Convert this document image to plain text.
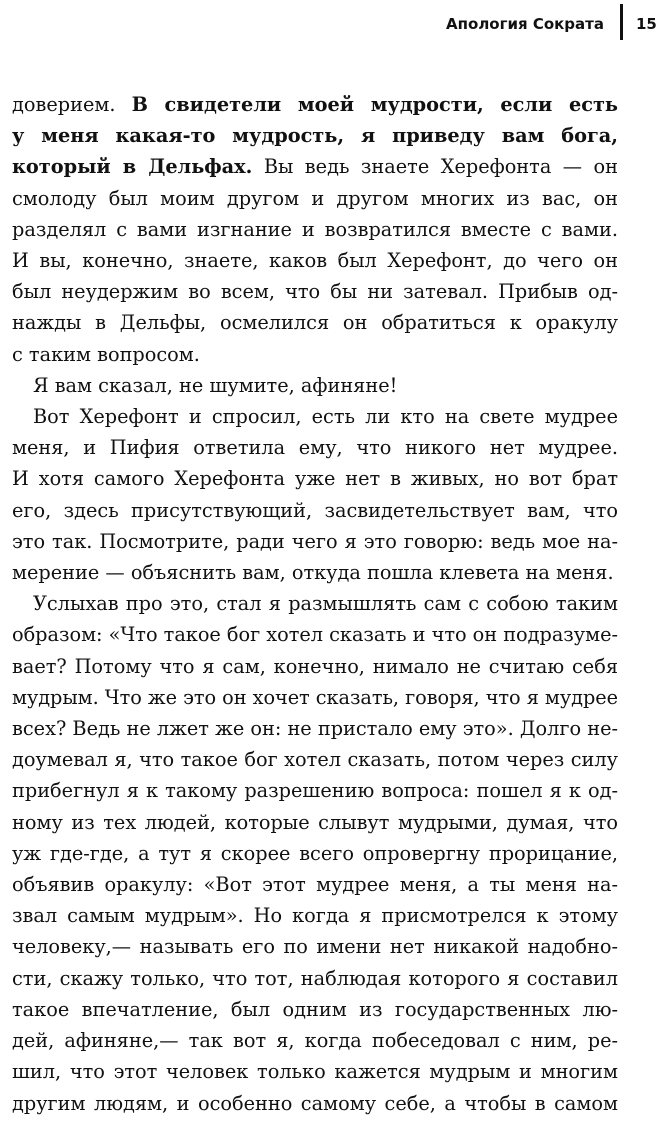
Апология Сократа 15

доверием. В свидетели моей мудрости, если есть
у меня какая-то мудрость, я приведу вам бога,
который в Дельфах. Вы ведь знаете Херефонта — он
смолоду был моим другом и другом многих из вас, он
разделял с вами изгнание и возвратился вместе с вами.
И вы, конечно, знаете, каков был Херефонт, до чего он
был неудержим во всем, что бы ни затевал. Прибыв од-
нажды в Дельфы, осмелился он обратиться к оракулу
с таким вопросом.

Я вам сказал, не шумите, афиняне!

Вот Херефонт и спросил, есть ли кто на свете мудрее
меня, и Пифия ответила ему, что никого нет мудрее.
И хотя самого Херефонта уже нет в живых, но вот брат
его, здесь присутствующий, засвидетельствует вам, что
это так. Посмотрите, ради чего я это говорю: ведь мое на-
мерение — объяснить вам, откуда пошла клевета на меня.

Услыхав про это, стал я размышлять сам с собою таким
образом: «Что такое бог хотел сказать и что он подразуме-
вает? Потому что я сам, конечно, нимало не считаю себя
мудрым. Что же это он хочет сказать, говоря, что я мудрее
всех? Ведь не лжет же он: не пристало ему это». Долго не-
доумевал я, что такое бог хотел сказать, потом через силу
прибегнул я к такому разрешению вопроса: пошел я к од-
ному из тех людей, которые слывут мудрыми, думая, что
уж где-где, а тут я скорее всего опровергну прорицание,
объявив оракулу: «Вот этот мудрее меня, а ты меня на-
звал самым мудрым». Но когда я присмотрелся к этому
человеку,— называть его по имени нет никакой надобно-
сти, скажу только, что тот, наблюдая которого я составил
такое впечатление, был одним из государственных лю-
дей, афиняне,— так вот я, когда побеседовал с ним, ре-
шил, что этот человек только кажется мудрым и многим
другим людям, и особенно самому себе, а чтобы в самом
